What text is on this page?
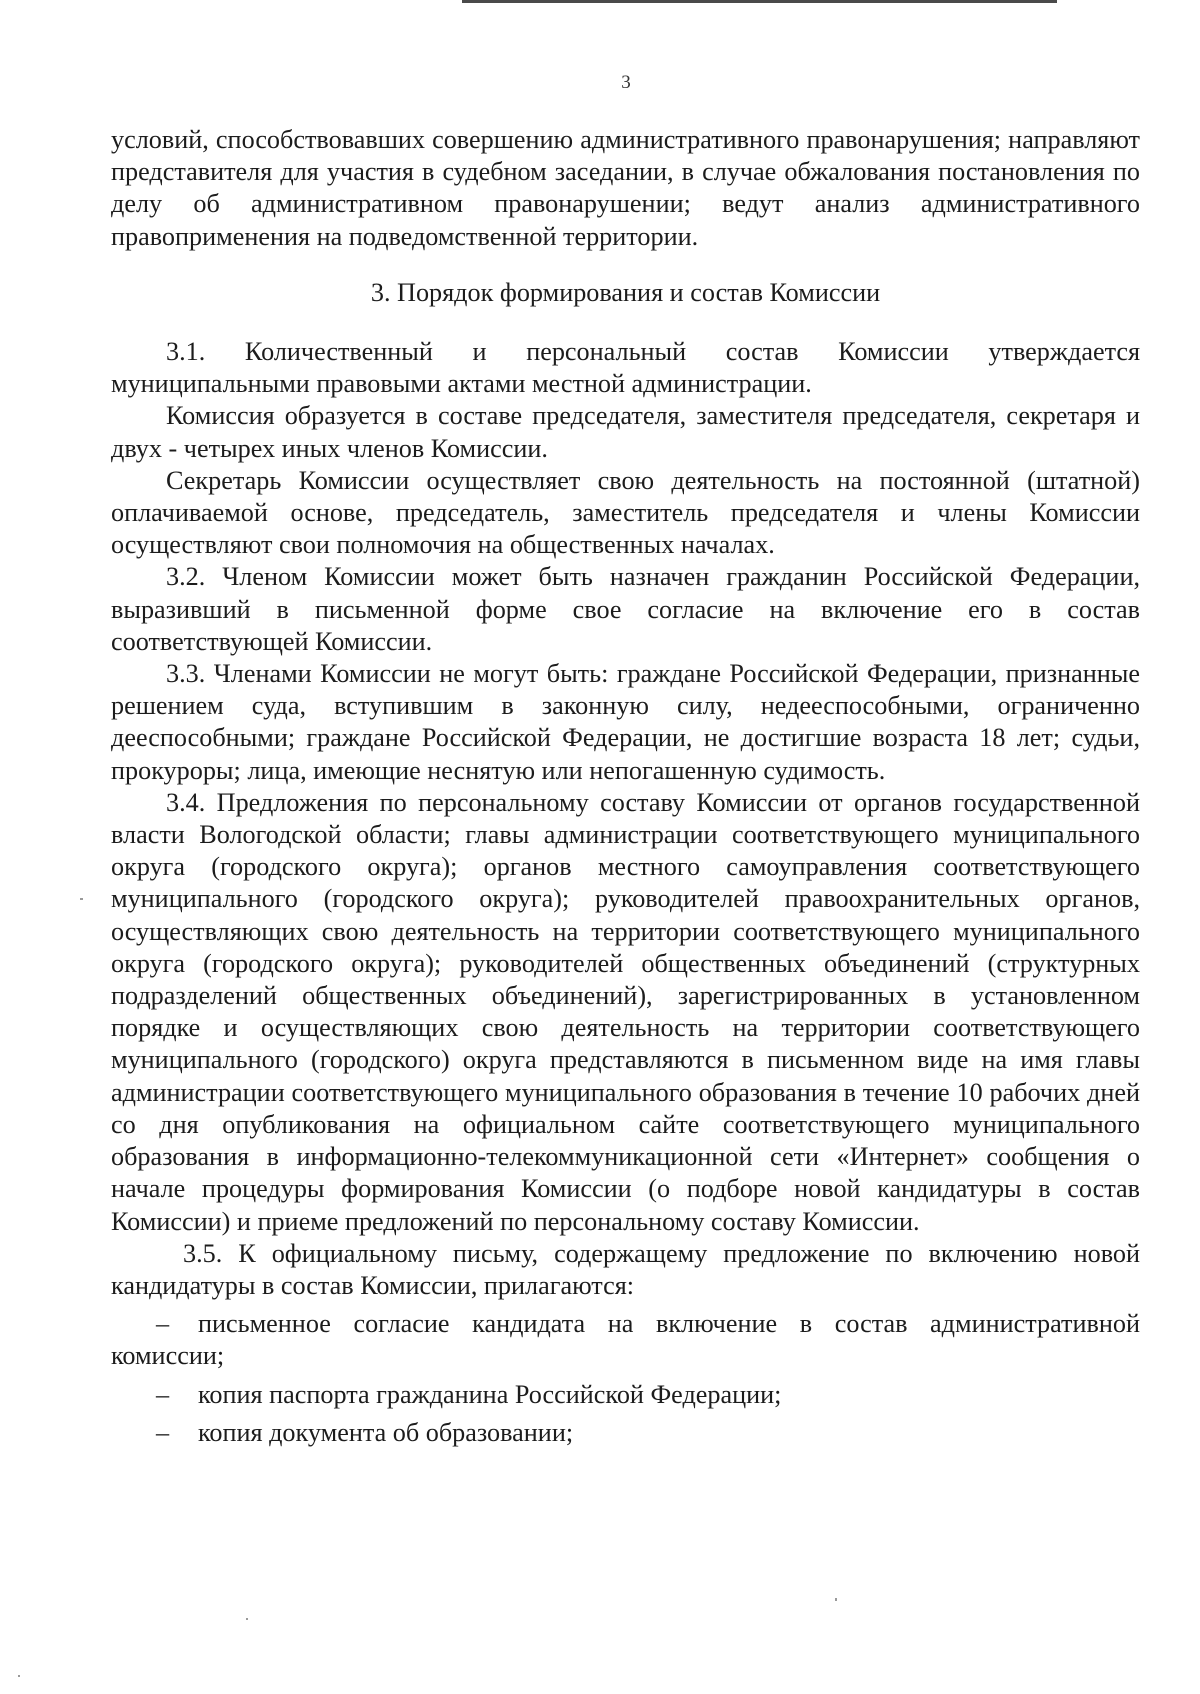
3

условий, способствовавших совершению административного правонарушения; направляют представителя для участия в судебном заседании, в случае обжалования постановления по делу об административном правонарушении; ведут анализ административного правоприменения на подведомственной территории.

3. Порядок формирования и состав Комиссии

3.1. Количественный и персональный состав Комиссии утверждается муниципальными правовыми актами местной администрации.

Комиссия образуется в составе председателя, заместителя председателя, секретаря и двух - четырех иных членов Комиссии.

Секретарь Комиссии осуществляет свою деятельность на постоянной (штатной) оплачиваемой основе, председатель, заместитель председателя и члены Комиссии осуществляют свои полномочия на общественных началах.

3.2. Членом Комиссии может быть назначен гражданин Российской Федерации, выразивший в письменной форме свое согласие на включение его в состав соответствующей Комиссии.

3.3. Членами Комиссии не могут быть: граждане Российской Федерации, признанные решением суда, вступившим в законную силу, недееспособными, ограниченно дееспособными; граждане Российской Федерации, не достигшие возраста 18 лет; судьи, прокуроры; лица, имеющие неснятую или непогашенную судимость.

3.4. Предложения по персональному составу Комиссии от органов государственной власти Вологодской области; главы администрации соответствующего муниципального округа (городского округа); органов местного самоуправления соответствующего муниципального (городского округа); руководителей правоохранительных органов, осуществляющих свою деятельность на территории соответствующего муниципального округа (городского округа); руководителей общественных объединений (структурных подразделений общественных объединений), зарегистрированных в установленном порядке и осуществляющих свою деятельность на территории соответствующего муниципального (городского) округа представляются в письменном виде на имя главы администрации соответствующего муниципального образования в течение 10 рабочих дней со дня опубликования на официальном сайте соответствующего муниципального образования в информационно-телекоммуникационной сети «Интернет» сообщения о начале процедуры формирования Комиссии (о подборе новой кандидатуры в состав Комиссии) и приеме предложений по персональному составу Комиссии.

3.5. К официальному письму, содержащему предложение по включению новой кандидатуры в состав Комиссии, прилагаются:

– письменное согласие кандидата на включение в состав административной комиссии;

– копия паспорта гражданина Российской Федерации;

– копия документа об образовании;
